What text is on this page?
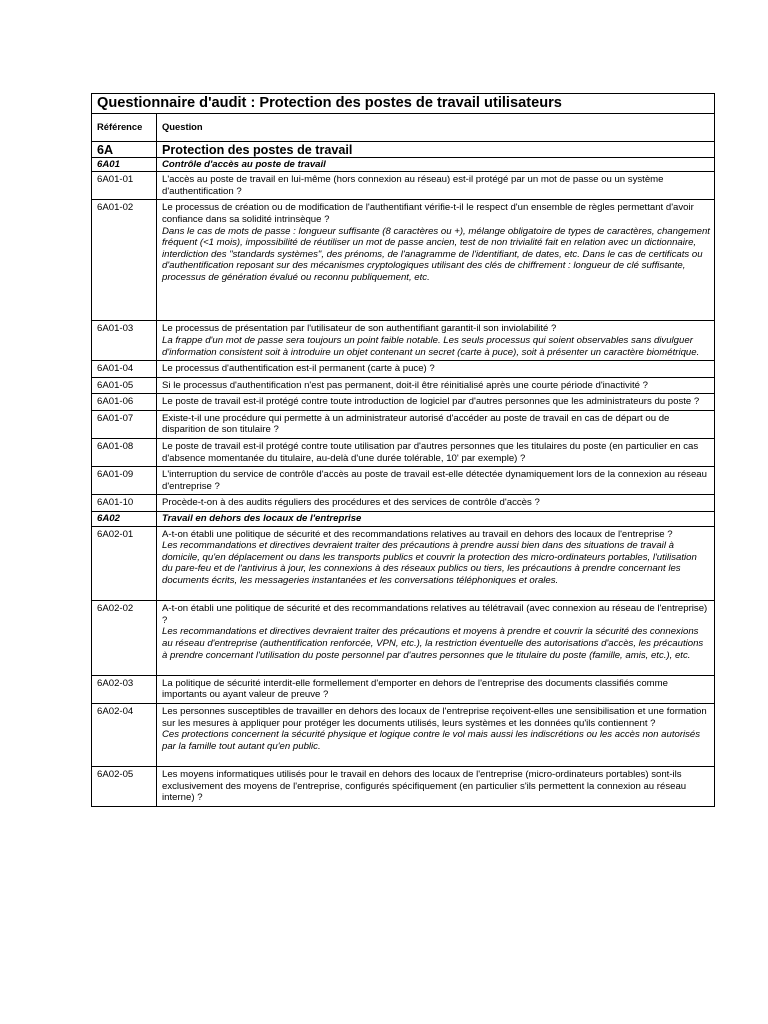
Questionnaire d'audit : Protection des postes de travail utilisateurs	
Référence	Question
6A	Protection des postes de travail
6A01	Contrôle d'accès au poste de travail
6A01-01	L'accès au poste de travail en lui-même (hors connexion au réseau) est-il protégé par un mot de passe ou un système d'authentification ?

6A01-02	Le processus de création ou de modification de l'authentifiant vérifie-t-il le respect d'un ensemble de règles permettant d'avoir confiance dans sa solidité intrinsèque ?
Dans le cas de mots de passe : longueur suffisante (8 caractères ou +), mélange obligatoire de types de caractères, changement fréquent (<1 mois), impossibilité de réutiliser un mot de passe ancien, test de non trivialité fait en relation avec un dictionnaire, interdiction des "standards systèmes", des prénoms, de l'anagramme de l'identifiant, de dates, etc. Dans le cas de certificats ou d'authentification reposant sur des mécanismes cryptologiques utilisant des clés de chiffrement : longueur de clé suffisante, processus de génération évalué ou reconnu publiquement, etc.

6A01-03	Le processus de présentation par l'utilisateur de son authentifiant garantit-il son inviolabilité ?
La frappe d'un mot de passe sera toujours un point faible notable. Les seuls processus qui soient observables sans divulguer d'information consistent soit à introduire un objet contenant un secret (carte à puce), soit à présenter un caractère biométrique.

6A01-04	Le processus d'authentification est-il permanent (carte à puce) ?

6A01-05	Si le processus d'authentification n'est pas permanent, doit-il être réinitialisé après une courte période d'inactivité ?

6A01-06	Le poste de travail est-il protégé contre toute introduction de logiciel par d'autres personnes que les administrateurs du poste ?

6A01-07	Existe-t-il une procédure qui permette à un administrateur autorisé d'accéder au poste de travail en cas de départ ou de disparition de son titulaire ?

6A01-08	Le poste de travail est-il protégé contre toute utilisation par d'autres personnes que les titulaires du poste (en particulier en cas d'absence momentanée du titulaire, au-delà d'une durée tolérable, 10' par exemple) ?

6A01-09	L'interruption du service de contrôle d'accès au poste de travail est-elle détectée dynamiquement lors de la connexion au réseau d'entreprise ?

6A01-10	Procède-t-on à des audits réguliers des procédures et des services de contrôle d'accès ?

6A02	Travail en dehors des locaux de l'entreprise
6A02-01	A-t-on établi une politique de sécurité et des recommandations relatives au travail en dehors des locaux de l'entreprise ?
Les recommandations et directives devraient traiter des précautions à prendre aussi bien dans des situations de travail à domicile, qu'en déplacement ou dans les transports publics et couvrir la protection des micro-ordinateurs portables, l'utilisation du pare-feu et de l'antivirus à jour, les connexions à des réseaux publics ou tiers, les précautions à prendre concernant les documents écrits, les messageries instantanées et les conversations téléphoniques et orales.

6A02-02	A-t-on établi une politique de sécurité et des recommandations relatives au télétravail (avec connexion au réseau de l'entreprise) ?
Les recommandations et directives devraient traiter des précautions et moyens à prendre et couvrir la sécurité des connexions au réseau d'entreprise (authentification renforcée, VPN, etc.), la restriction éventuelle des autorisations d'accès, les précautions à prendre concernant l'utilisation du poste personnel par d'autres personnes que le titulaire du poste (famille, amis, etc.), etc.

6A02-03	La politique de sécurité interdit-elle formellement d'emporter en dehors de l'entreprise des documents classifiés comme importants ou ayant valeur de preuve ?

6A02-04	Les personnes susceptibles de travailler en dehors des locaux de l'entreprise reçoivent-elles une sensibilisation et une formation sur les mesures à appliquer pour protéger les documents utilisés, leurs systèmes et les données qu'ils contiennent ?
Ces protections concernent la sécurité physique et logique contre le vol mais aussi les indiscrétions ou les accès non autorisés par la famille tout autant qu'en public.

6A02-05	Les moyens informatiques utilisés pour le travail en dehors des locaux de l'entreprise (micro-ordinateurs portables) sont-ils exclusivement des moyens de l'entreprise, configurés spécifiquement (en particulier s'ils permettent la connexion au réseau interne) ?
